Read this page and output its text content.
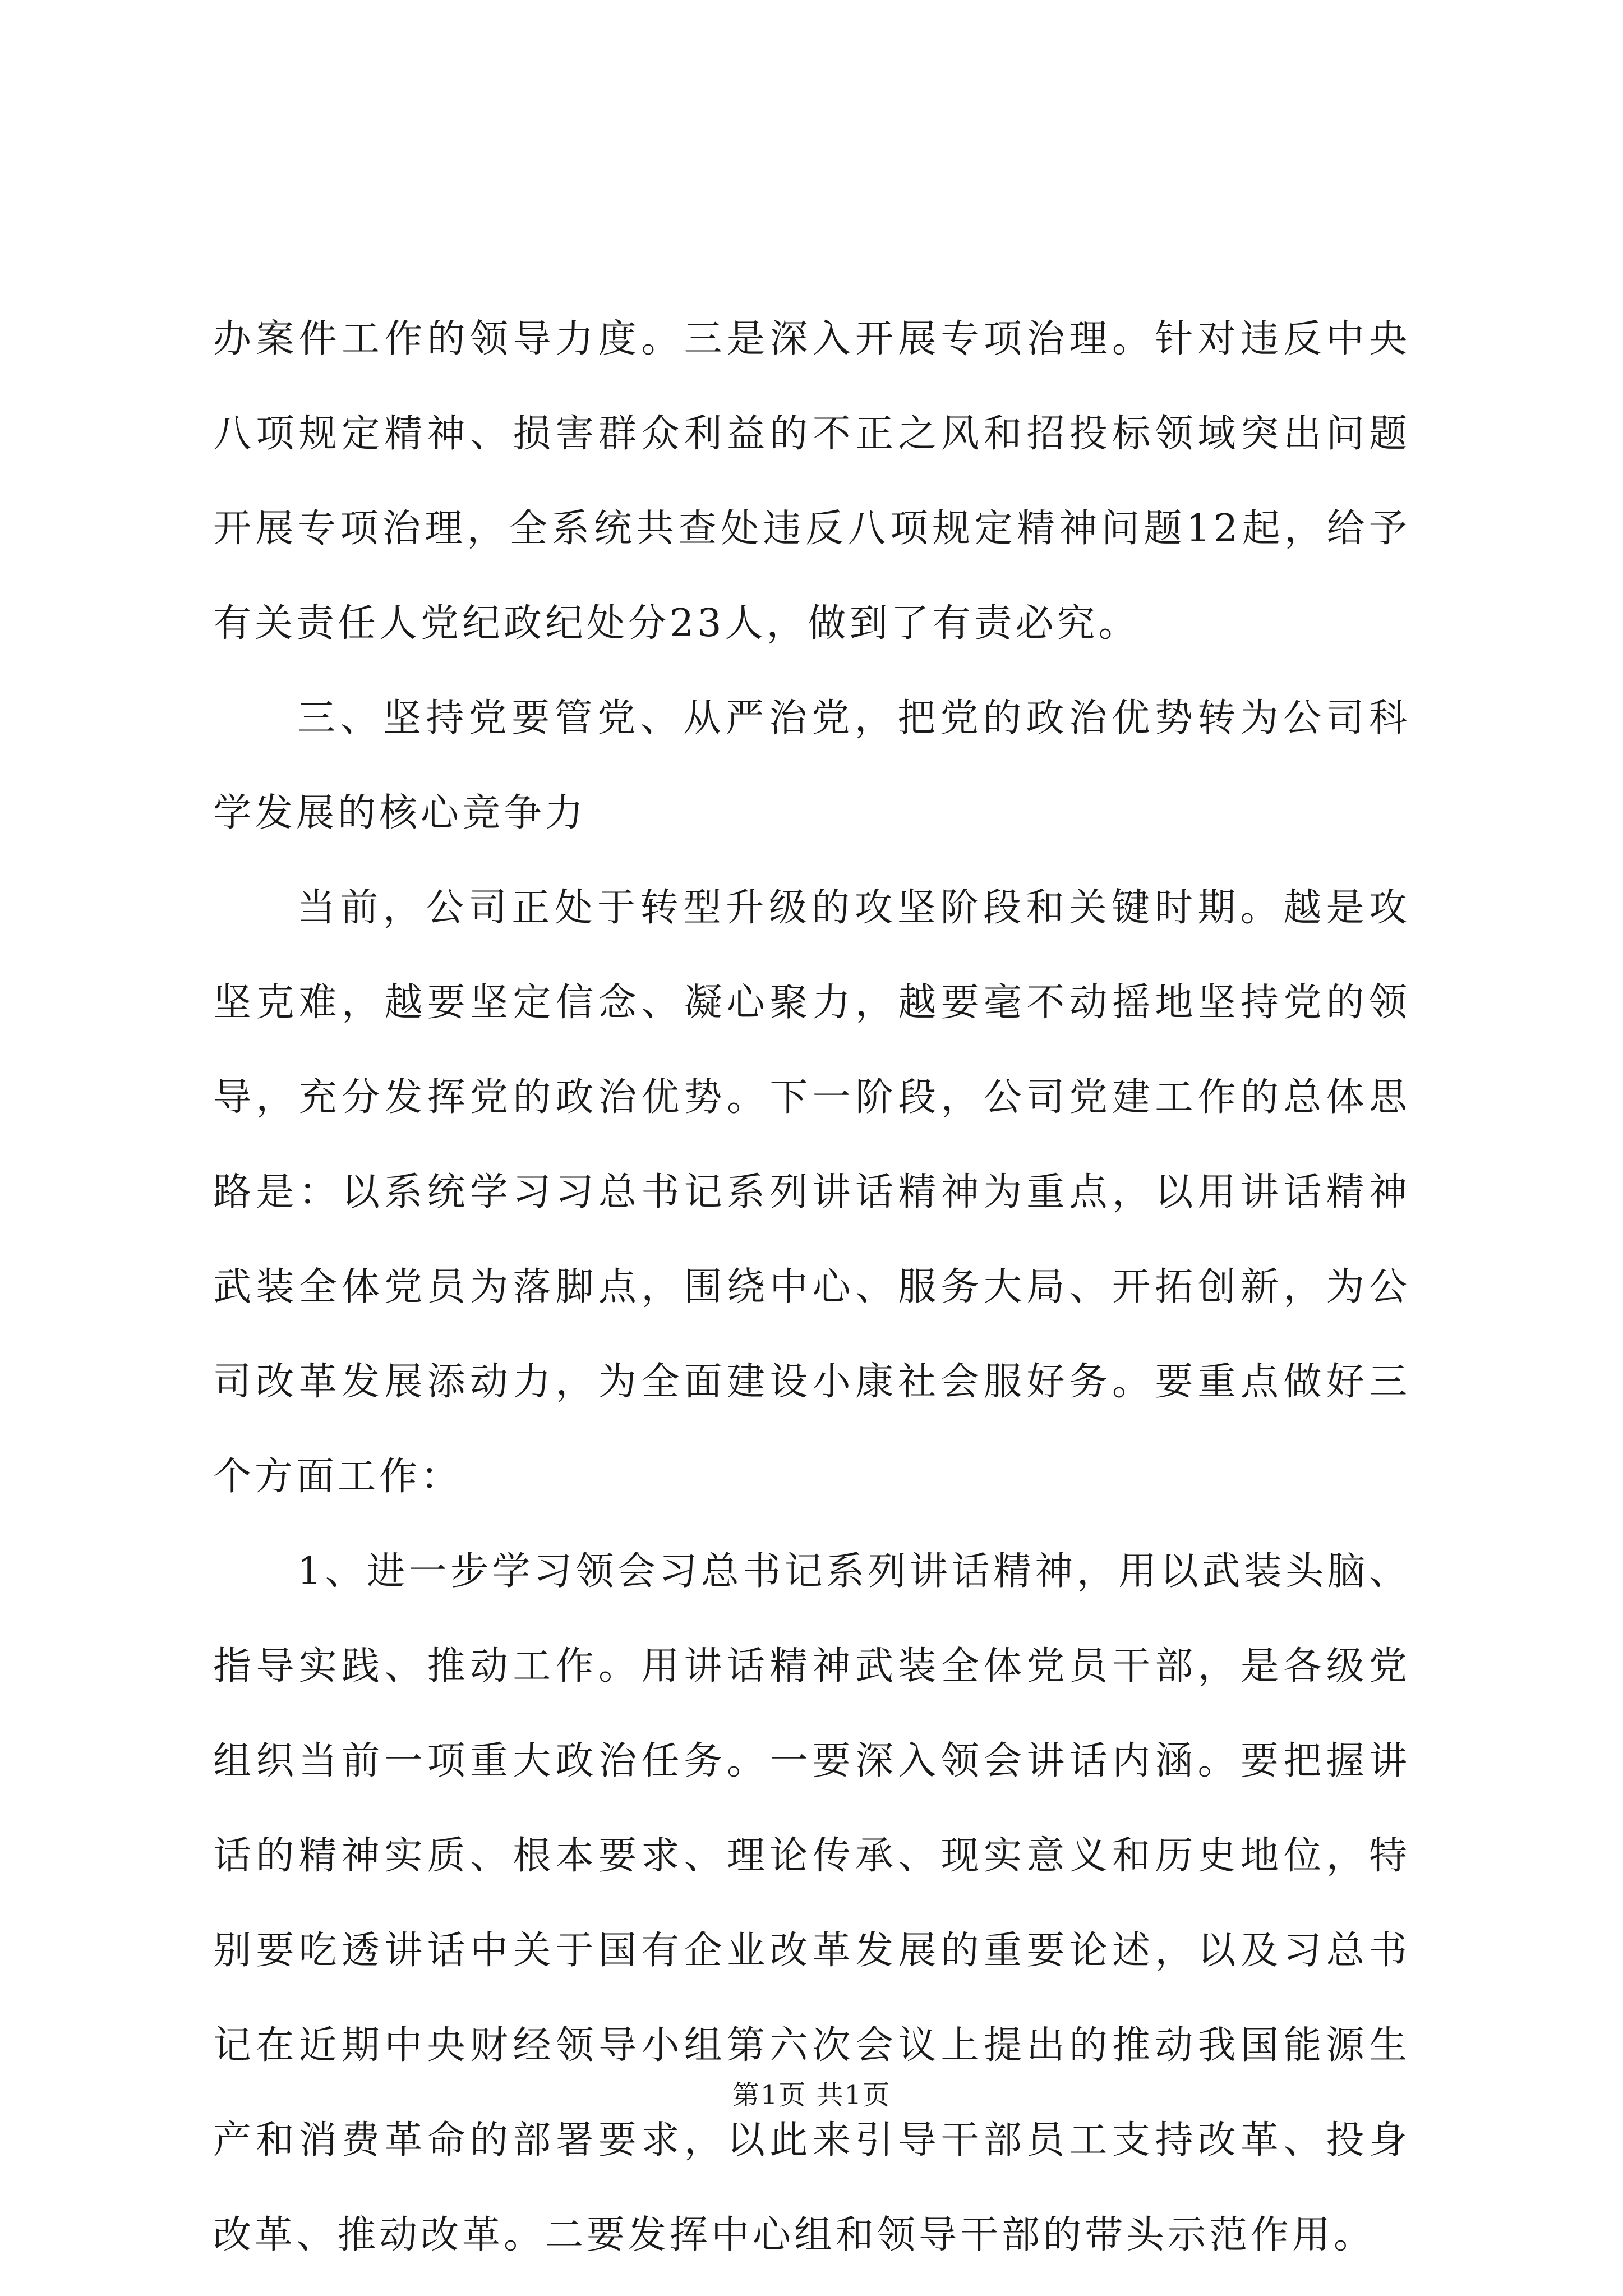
办案件工作的领导力度。三是深入开展专项治理。针对违反中央八项规定精神、损害群众利益的不正之风和招投标领域突出问题开展专项治理，全系统共查处违反八项规定精神问题12起，给予有关责任人党纪政纪处分23人，做到了有责必究。

三、坚持党要管党、从严治党，把党的政治优势转为公司科学发展的核心竞争力

当前，公司正处于转型升级的攻坚阶段和关键时期。越是攻坚克难，越要坚定信念、凝心聚力，越要毫不动摇地坚持党的领导，充分发挥党的政治优势。下一阶段，公司党建工作的总体思路是：以系统学习习总书记系列讲话精神为重点，以用讲话精神武装全体党员为落脚点，围绕中心、服务大局、开拓创新，为公司改革发展添动力，为全面建设小康社会服好务。要重点做好三个方面工作：

1、进一步学习领会习总书记系列讲话精神，用以武装头脑、指导实践、推动工作。用讲话精神武装全体党员干部，是各级党组织当前一项重大政治任务。一要深入领会讲话内涵。要把握讲话的精神实质、根本要求、理论传承、现实意义和历史地位，特别要吃透讲话中关于国有企业改革发展的重要论述，以及习总书记在近期中央财经领导小组第六次会议上提出的推动我国能源生产和消费革命的部署要求，以此来引导干部员工支持改革、投身改革、推动改革。二要发挥中心组和领导干部的带头示范作用。

第1页 共1页
